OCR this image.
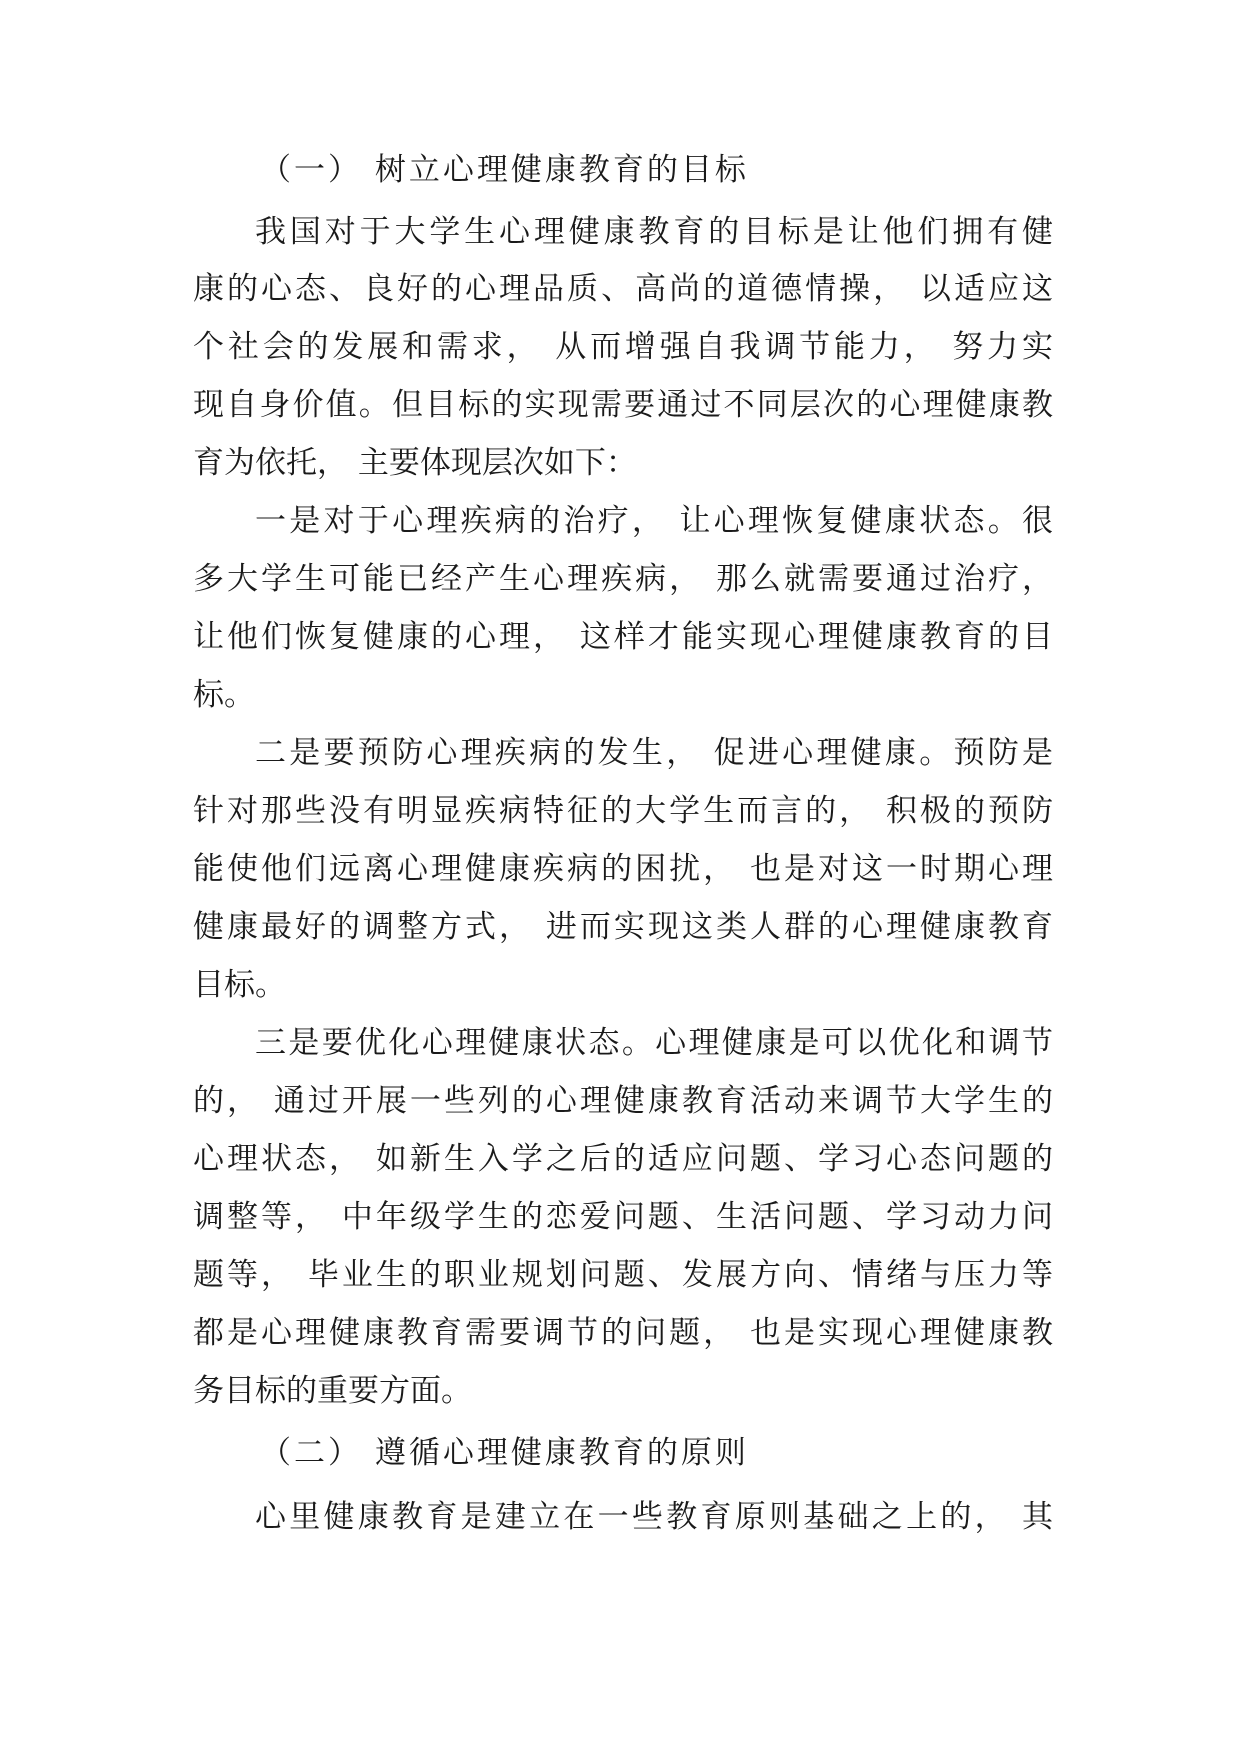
（一） 树立心理健康教育的目标
我国对于大学生心理健康教育的目标是让他们拥有健
康的心态、良好的心理品质、高尚的道德情操， 以适应这
个社会的发展和需求， 从而增强自我调节能力， 努力实
现自身价值。但目标的实现需要通过不同层次的心理健康教
育为依托， 主要体现层次如下：
一是对于心理疾病的治疗， 让心理恢复健康状态。很
多大学生可能已经产生心理疾病， 那么就需要通过治疗，
让他们恢复健康的心理， 这样才能实现心理健康教育的目
标。
二是要预防心理疾病的发生， 促进心理健康。预防是
针对那些没有明显疾病特征的大学生而言的， 积极的预防
能使他们远离心理健康疾病的困扰， 也是对这一时期心理
健康最好的调整方式， 进而实现这类人群的心理健康教育
目标。
三是要优化心理健康状态。心理健康是可以优化和调节
的， 通过开展一些列的心理健康教育活动来调节大学生的
心理状态， 如新生入学之后的适应问题、学习心态问题的
调整等， 中年级学生的恋爱问题、生活问题、学习动力问
题等， 毕业生的职业规划问题、发展方向、情绪与压力等
都是心理健康教育需要调节的问题， 也是实现心理健康教
务目标的重要方面。
（二） 遵循心理健康教育的原则
心里健康教育是建立在一些教育原则基础之上的， 其
